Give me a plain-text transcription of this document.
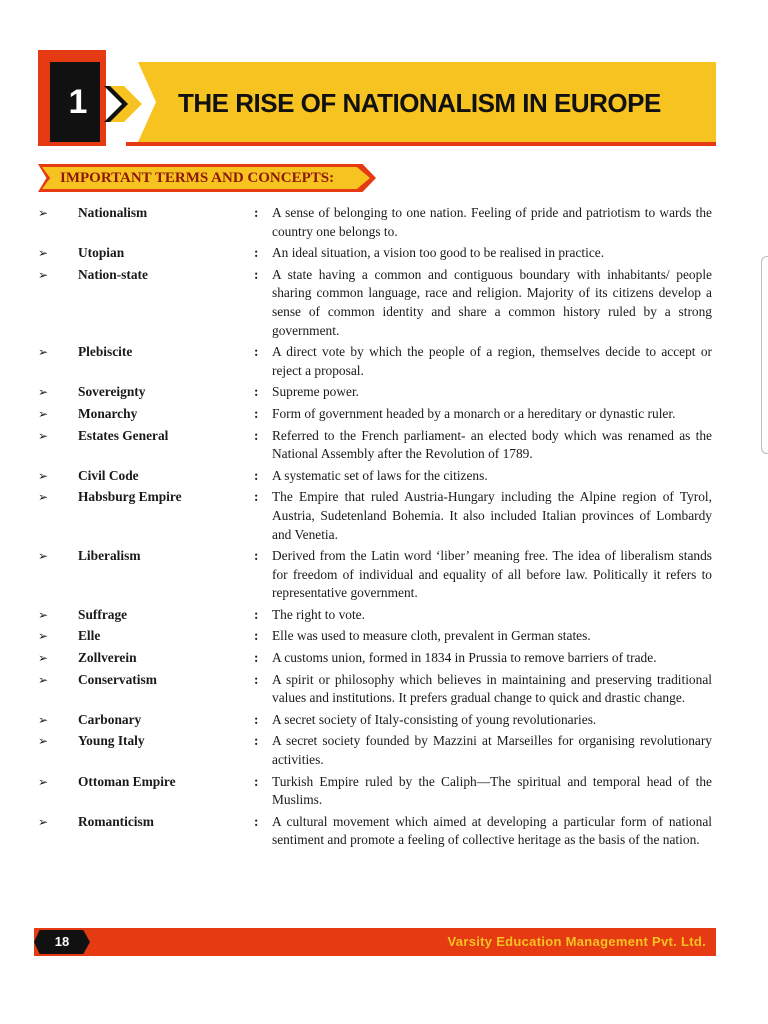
1	THE RISE OF NATIONALISM IN EUROPE
IMPORTANT TERMS AND CONCEPTS:
➢	Nationalism	:	A sense of belonging to one nation. Feeling of pride and patriotism to wards the country one belongs to.
➢	Utopian	:	An ideal situation, a vision too good to be realised in practice.
➢	Nation-state	:	A state having a common and contiguous boundary with inhabitants/ people sharing common language, race and religion. Majority of its citizens develop a sense of common identity and share a common history ruled by a strong government.
➢	Plebiscite	:	A direct vote by which the people of a region, themselves decide to accept or reject a proposal.
➢	Sovereignty	:	Supreme power.
➢	Monarchy	:	Form of government headed by a monarch or a hereditary or dynastic ruler.
➢	Estates General	:	Referred to the French parliament- an elected body which was renamed as the National Assembly after the Revolution of 1789.
➢	Civil Code	:	A systematic set of laws for the citizens.
➢	Habsburg Empire	:	The Empire that ruled Austria-Hungary including the Alpine region of Tyrol, Austria, Sudetenland Bohemia. It also included Italian provinces of Lombardy and Venetia.
➢	Liberalism	:	Derived from the Latin word ‘liber’ meaning free. The idea of liberalism stands for freedom of individual and equality of all before law. Politically it refers to representative government.
➢	Suffrage	:	The right to vote.
➢	Elle	:	Elle was used to measure cloth, prevalent in German states.
➢	Zollverein	:	A customs union, formed in 1834 in Prussia to remove barriers of trade.
➢	Conservatism	:	A spirit or philosophy which believes in maintaining and preserving traditional values and institutions. It prefers gradual change to quick and drastic change.
➢	Carbonary	:	A secret society of Italy-consisting of young revolutionaries.
➢	Young Italy	:	A secret society founded by Mazzini at Marseilles for organising revolutionary activities.
➢	Ottoman Empire	:	Turkish Empire ruled by the Caliph—The spiritual and temporal head of the Muslims.
➢	Romanticism	:	A cultural movement which aimed at developing a particular form of national sentiment and promote a feeling of collective heritage as the basis of the nation.
18	Varsity Education Management Pvt. Ltd.
